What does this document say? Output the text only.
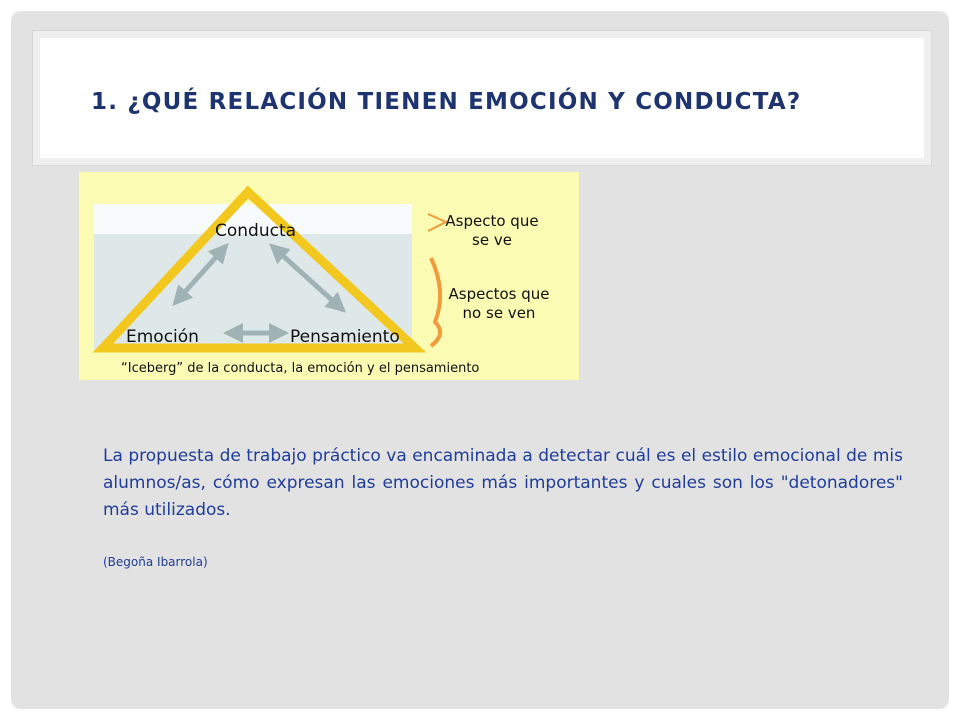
1. ¿QUÉ RELACIÓN TIENEN EMOCIÓN Y CONDUCTA?
Conducta
Emoción	Pensamiento
Aspecto que
se ve
Aspectos que
no se ven
“Iceberg” de la conducta, la emoción y el pensamiento

La propuesta de trabajo práctico va encaminada a detectar cuál es el estilo emocional de mis alumnos/as, cómo expresan las emociones más importantes y cuales son los "detonadores" más utilizados.

(Begoña Ibarrola)
